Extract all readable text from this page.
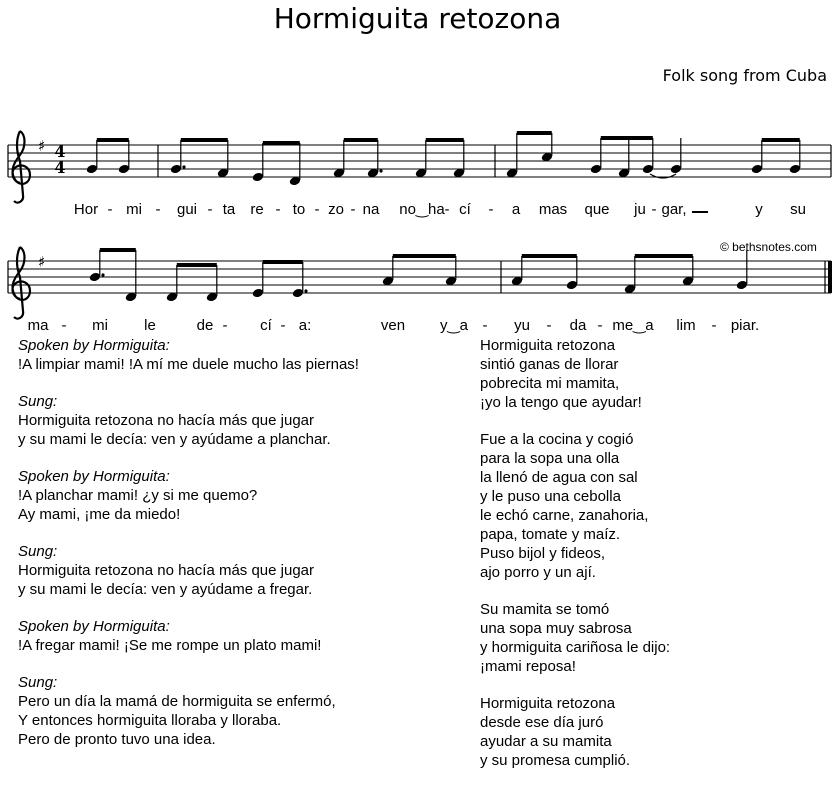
Hormiguita retozona
Folk song from Cuba
© bethsnotes.com
♯
♯
4
4
Hor - mi - gui - ta re - to - zo - na no‿ha - cí - a mas que ju - gar,	y su
ma - mi le	de - cí - a:	ven y‿a - yu - da - me‿a lim - piar.

Spoken by Hormiguita:

!A limpiar mami! !A mí me duele mucho las piernas!

Sung:

Hormiguita retozona no hacía más que jugar

y su mami le decía: ven y ayúdame a planchar.

Spoken by Hormiguita:

!A planchar mami! ¿y si me quemo?

Ay mami, ¡me da miedo!

Sung:

Hormiguita retozona no hacía más que jugar

y su mami le decía: ven y ayúdame a fregar.

Spoken by Hormiguita:

!A fregar mami! ¡Se me rompe un plato mami!

Sung:

Pero un día la mamá de hormiguita se enfermó,

Y entonces hormiguita lloraba y lloraba.

Pero de pronto tuvo una idea.

Hormiguita retozona

sintió ganas de llorar

pobrecita mi mamita,

¡yo la tengo que ayudar!

Fue a la cocina y cogió

para la sopa una olla

la llenó de agua con sal

y le puso una cebolla

le echó carne, zanahoria,

papa, tomate y maíz.

Puso bijol y fideos,

ajo porro y un ají.

Su mamita se tomó

una sopa muy sabrosa

y hormiguita cariñosa le dijo:

¡mami reposa!

Hormiguita retozona

desde ese día juró

ayudar a su mamita

y su promesa cumplió.
